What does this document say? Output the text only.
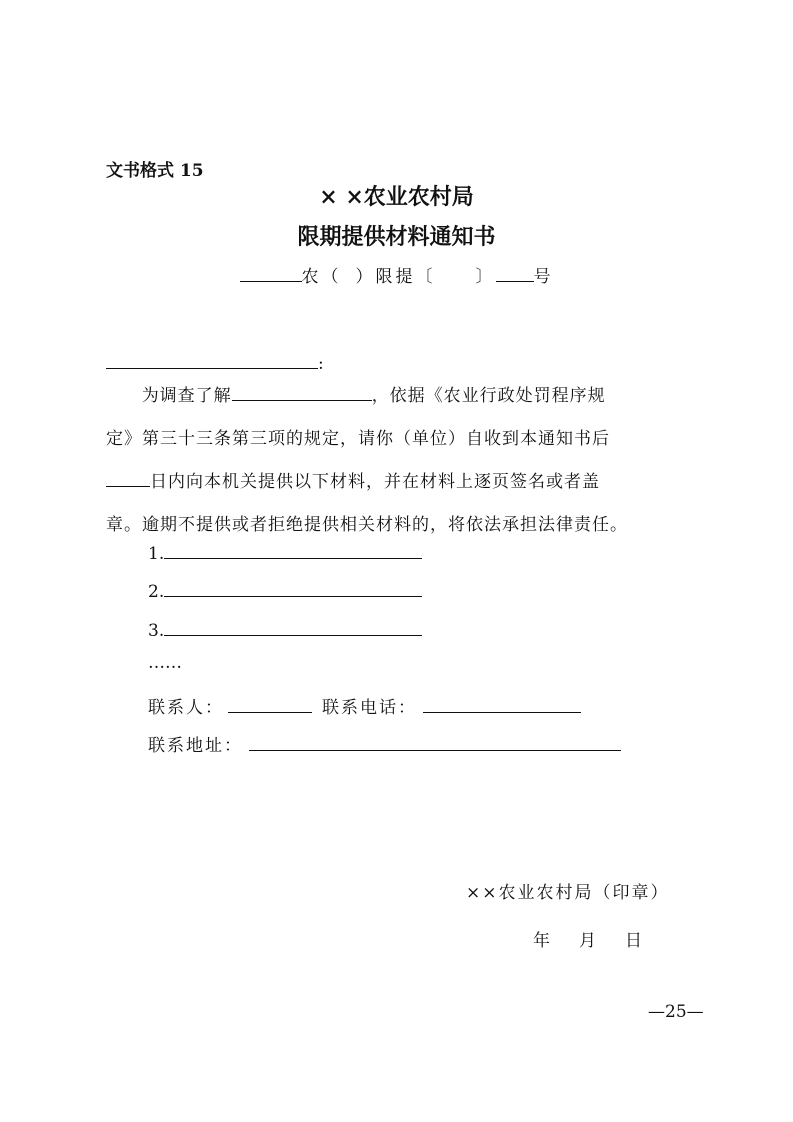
文书格式 15
× ×农业农村局
限期提供材料通知书
农（ ）限提〔 〕 号
:

为调查了解	，依据《农业行政处罚程序规

定》第三十三条第三项的规定，请你（单位）自收到本通知书后

日内向本机关提供以下材料，并在材料上逐页签名或者盖

章。逾期不提供或者拒绝提供相关材料的，将依法承担法律责任。

1.
2.
3.
……
联系人：	联系电话：
联系地址：
××农业农村局（印章）
年　月　日
—25—
